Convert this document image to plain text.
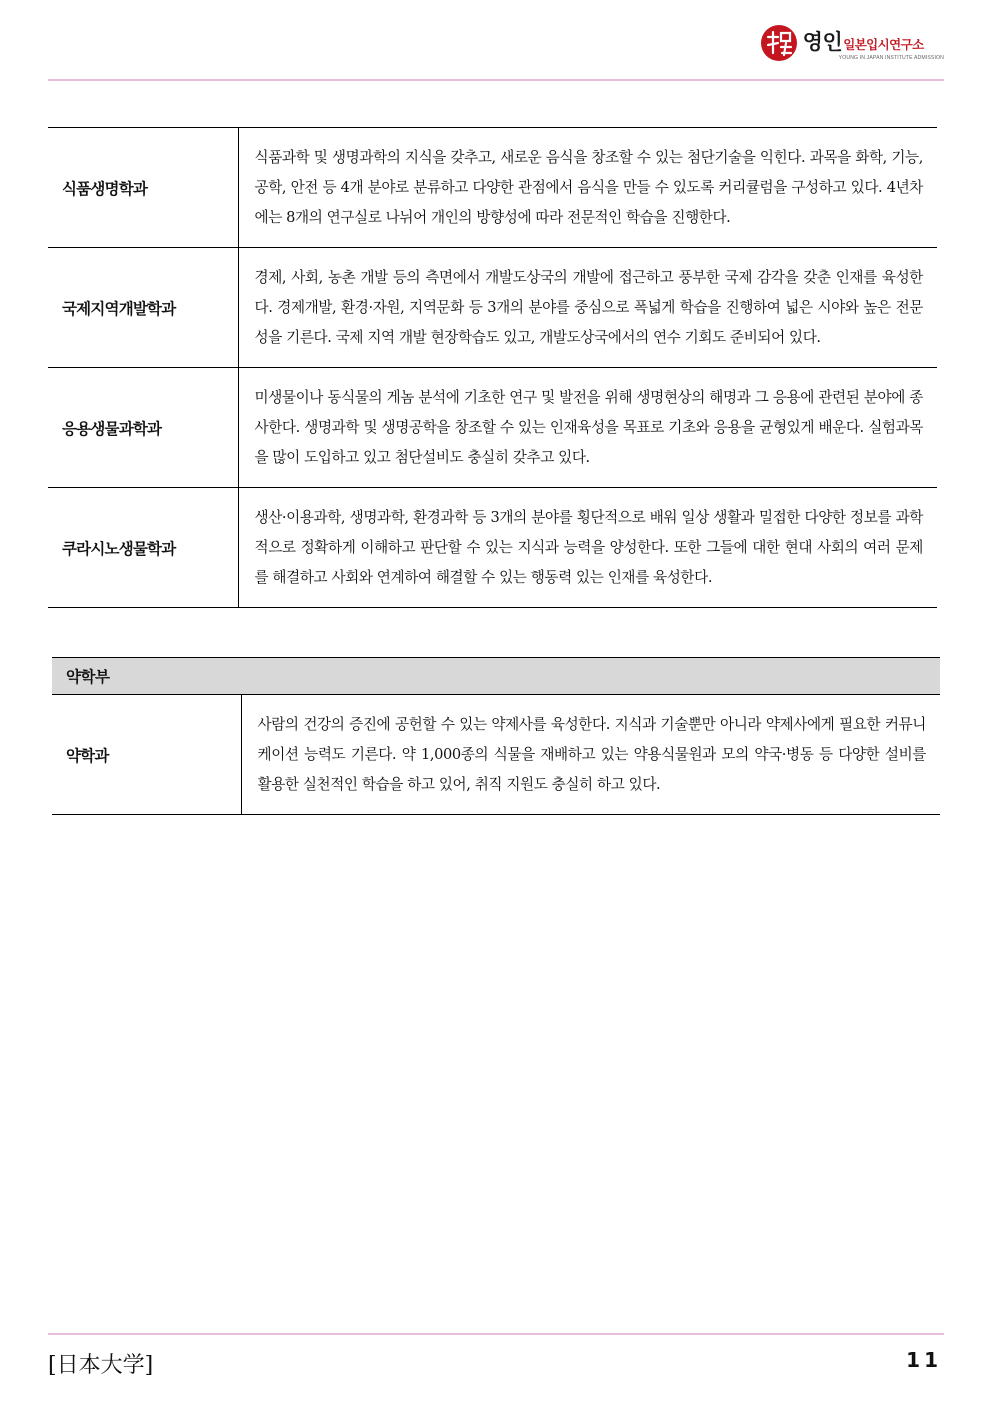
영인 일본입시연구소
YOUNG IN JAPAN INSTITUTE ADMISSION
식품생명학과	식품과학 및 생명과학의 지식을 갖추고, 새로운 음식을 창조할 수 있는 첨단기술을 익힌다. 과목을 화학, 기능, 공학, 안전 등 4개 분야로 분류하고 다양한 관점에서 음식을 만들 수 있도록 커리큘럼을 구성하고 있다. 4년차에는 8개의 연구실로 나뉘어 개인의 방향성에 따라 전문적인 학습을 진행한다.
국제지역개발학과	경제, 사회, 농촌 개발 등의 측면에서 개발도상국의 개발에 접근하고 풍부한 국제 감각을 갖춘 인재를 육성한다. 경제개발, 환경·자원, 지역문화 등 3개의 분야를 중심으로 폭넓게 학습을 진행하여 넓은 시야와 높은 전문성을 기른다. 국제 지역 개발 현장학습도 있고, 개발도상국에서의 연수 기회도 준비되어 있다.
응용생물과학과	미생물이나 동식물의 게놈 분석에 기초한 연구 및 발전을 위해 생명현상의 해명과 그 응용에 관련된 분야에 종사한다. 생명과학 및 생명공학을 창조할 수 있는 인재육성을 목표로 기초와 응용을 균형있게 배운다. 실험과목을 많이 도입하고 있고 첨단설비도 충실히 갖추고 있다.
쿠라시노생물학과	생산·이용과학, 생명과학, 환경과학 등 3개의 분야를 횡단적으로 배워 일상 생활과 밀접한 다양한 정보를 과학적으로 정확하게 이해하고 판단할 수 있는 지식과 능력을 양성한다. 또한 그들에 대한 현대 사회의 여러 문제를 해결하고 사회와 연계하여 해결할 수 있는 행동력 있는 인재를 육성한다.
약학부
약학과	사람의 건강의 증진에 공헌할 수 있는 약제사를 육성한다. 지식과 기술뿐만 아니라 약제사에게 필요한 커뮤니케이션 능력도 기른다. 약 1,000종의 식물을 재배하고 있는 약용식물원과 모의 약국·병동 등 다양한 설비를 활용한 실천적인 학습을 하고 있어, 취직 지원도 충실히 하고 있다.
[日本大学]	11
